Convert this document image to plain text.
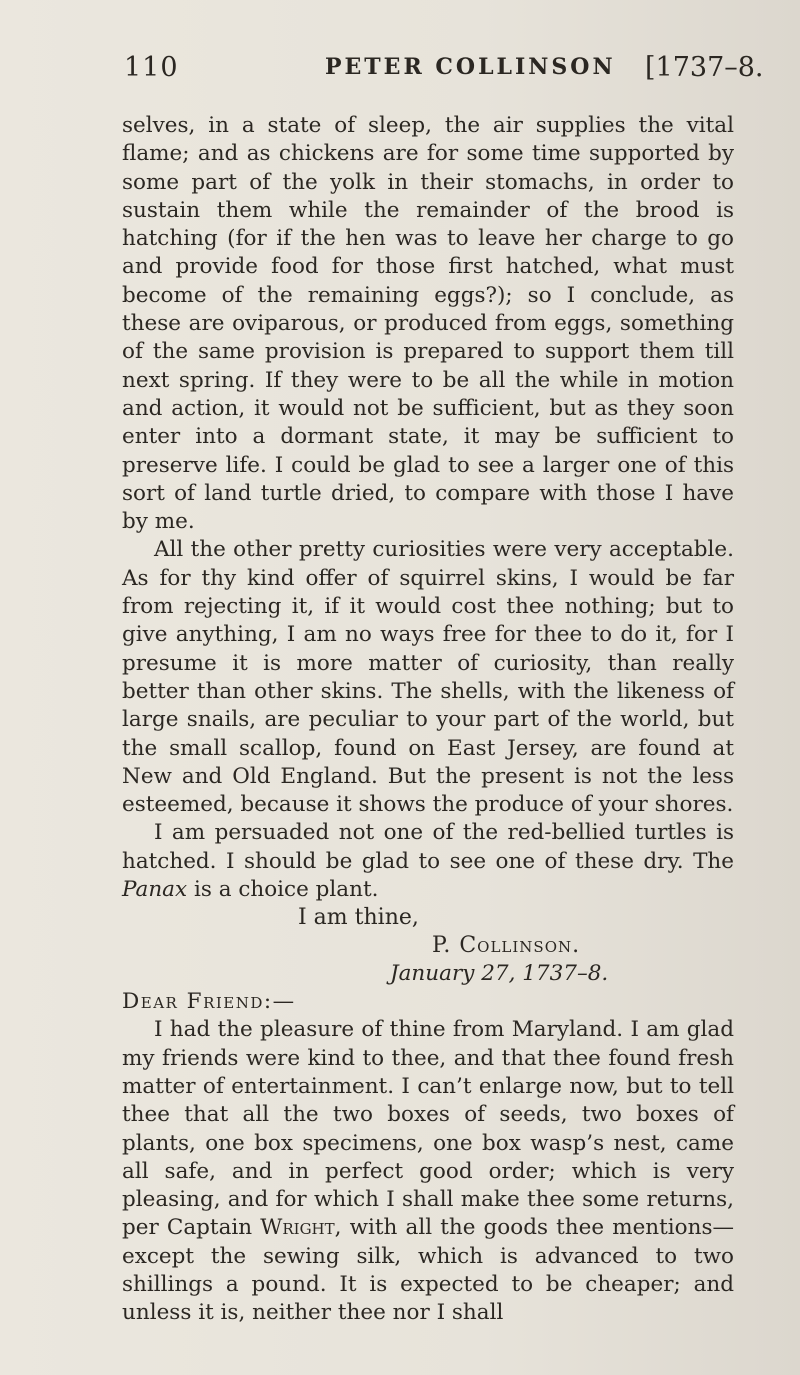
110	PETER COLLINSON [1737–8.

selves, in a state of sleep, the air supplies the vital flame; and as chickens are for some time supported by some part of the yolk in their stomachs, in order to sustain them while the remainder of the brood is hatching (for if the hen was to leave her charge to go and provide food for those first hatched, what must become of the remaining eggs?); so I conclude, as these are oviparous, or produced from eggs, something of the same provision is prepared to support them till next spring. If they were to be all the while in motion and action, it would not be sufficient, but as they soon enter into a dormant state, it may be sufficient to preserve life. I could be glad to see a larger one of this sort of land turtle dried, to compare with those I have by me.

All the other pretty curiosities were very acceptable. As for thy kind offer of squirrel skins, I would be far from rejecting it, if it would cost thee nothing; but to give anything, I am no ways free for thee to do it, for I presume it is more matter of curiosity, than really better than other skins. The shells, with the likeness of large snails, are peculiar to your part of the world, but the small scallop, found on East Jersey, are found at New and Old England. But the present is not the less esteemed, because it shows the produce of your shores.

I am persuaded not one of the red-bellied turtles is hatched. I should be glad to see one of these dry. The Panax is a choice plant.

I am thine,

P. Collinson.

January 27, 1737–8.

Dear Friend:—

I had the pleasure of thine from Maryland. I am glad my friends were kind to thee, and that thee found fresh matter of entertainment. I can’t enlarge now, but to tell thee that all the two boxes of seeds, two boxes of plants, one box specimens, one box wasp’s nest, came all safe, and in perfect good order; which is very pleasing, and for which I shall make thee some returns, per Captain Wright, with all the goods thee mentions—except the sewing silk, which is advanced to two shillings a pound. It is expected to be cheaper; and unless it is, neither thee nor I shall
